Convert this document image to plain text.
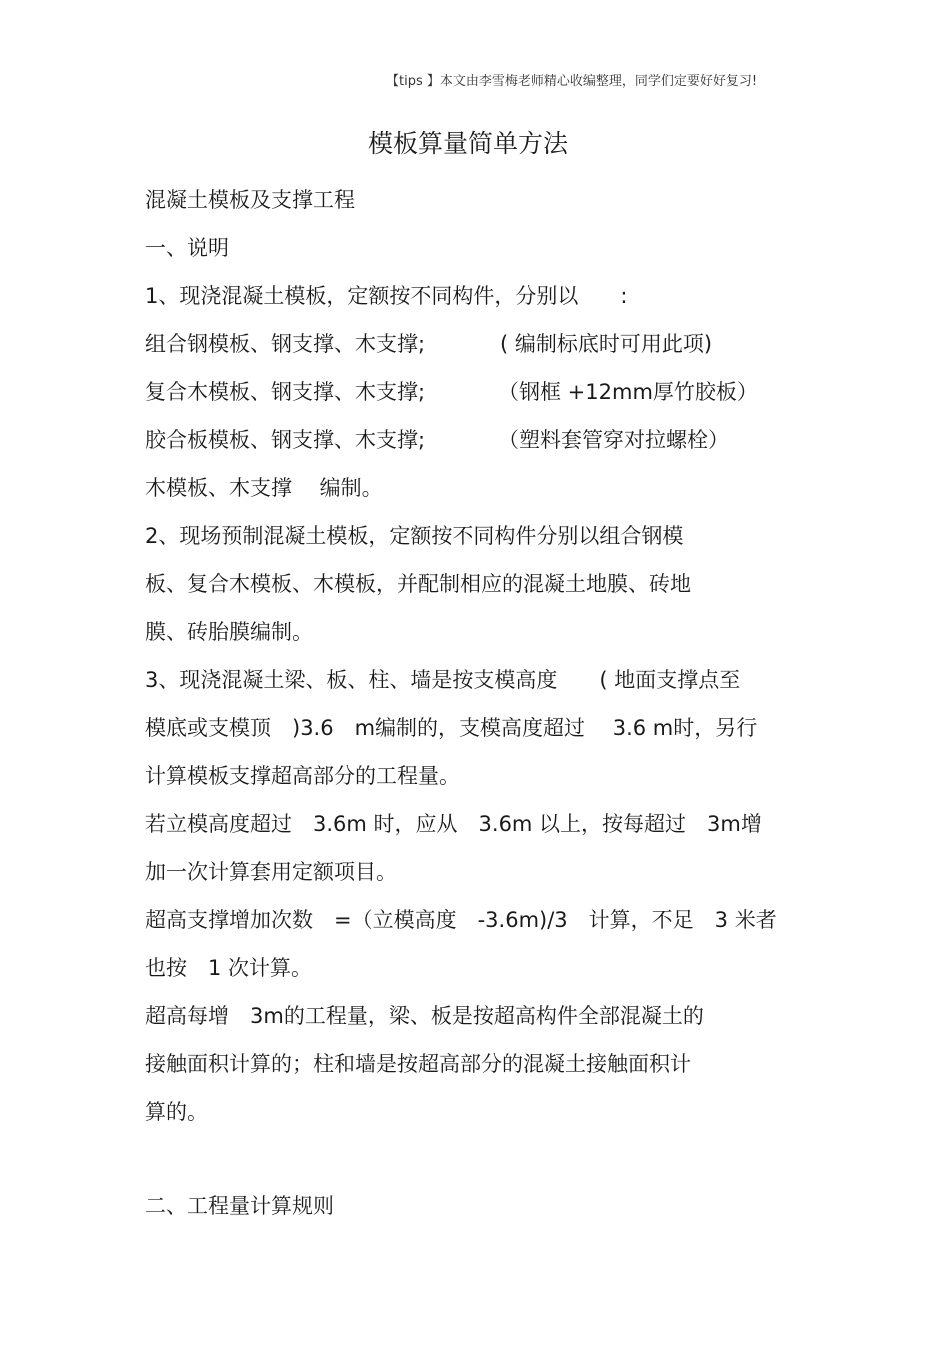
【tips 】本文由李雪梅老师精心收编整理，同学们定要好好复习!
模板算量简单方法
混凝土模板及支撑工程
一、说明
1、现浇混凝土模板，定额按不同构件，分别以　　:
组合钢模板、钢支撑、木支撑;	( 编制标底时可用此项)
复合木模板、钢支撑、木支撑;	（钢框 +12mm厚竹胶板）
胶合板模板、钢支撑、木支撑;	（塑料套管穿对拉螺栓）
木模板、木支撑　 编制。
2、现场预制混凝土模板，定额按不同构件分别以组合钢模
板、复合木模板、木模板，并配制相应的混凝土地膜、砖地
膜、砖胎膜编制。
3、现浇混凝土梁、板、柱、墙是按支模高度　　( 地面支撑点至
模底或支模顶　)3.6　m编制的，支模高度超过　 3.6 m时，另行
计算模板支撑超高部分的工程量。
若立模高度超过　3.6m 时，应从　3.6m 以上，按每超过　3m增
加一次计算套用定额项目。
超高支撑增加次数　=（立模高度　-3.6m)/3　计算，不足　3 米者
也按　1 次计算。
超高每增　3m的工程量，梁、板是按超高构件全部混凝土的
接触面积计算的；柱和墙是按超高部分的混凝土接触面积计
算的。
二、工程量计算规则
